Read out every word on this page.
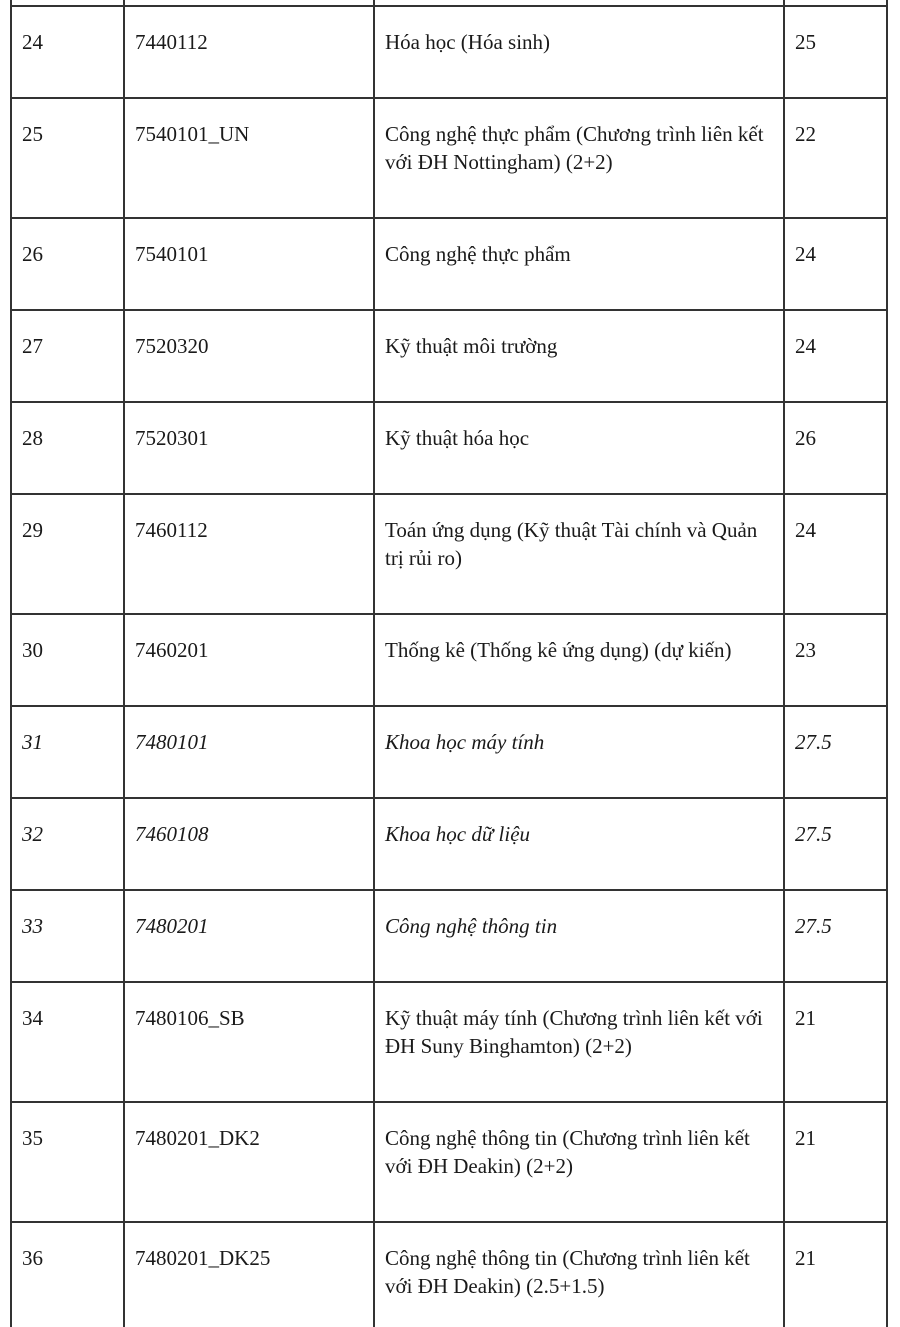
24	7440112	Hóa học (Hóa sinh)	25
25	7540101_UN	Công nghệ thực phẩm (Chương trình liên kết với ĐH Nottingham) (2+2)	22
26	7540101	Công nghệ thực phẩm	24
27	7520320	Kỹ thuật môi trường	24
28	7520301	Kỹ thuật hóa học	26
29	7460112	Toán ứng dụng (Kỹ thuật Tài chính và Quản trị rủi ro)	24
30	7460201	Thống kê (Thống kê ứng dụng) (dự kiến)	23
31	7480101	Khoa học máy tính	27.5
32	7460108	Khoa học dữ liệu	27.5
33	7480201	Công nghệ thông tin	27.5
34	7480106_SB	Kỹ thuật máy tính (Chương trình liên kết với ĐH Suny Binghamton) (2+2)	21
35	7480201_DK2	Công nghệ thông tin (Chương trình liên kết với ĐH Deakin) (2+2)	21
36	7480201_DK25	Công nghệ thông tin (Chương trình liên kết với ĐH Deakin) (2.5+1.5)	21
